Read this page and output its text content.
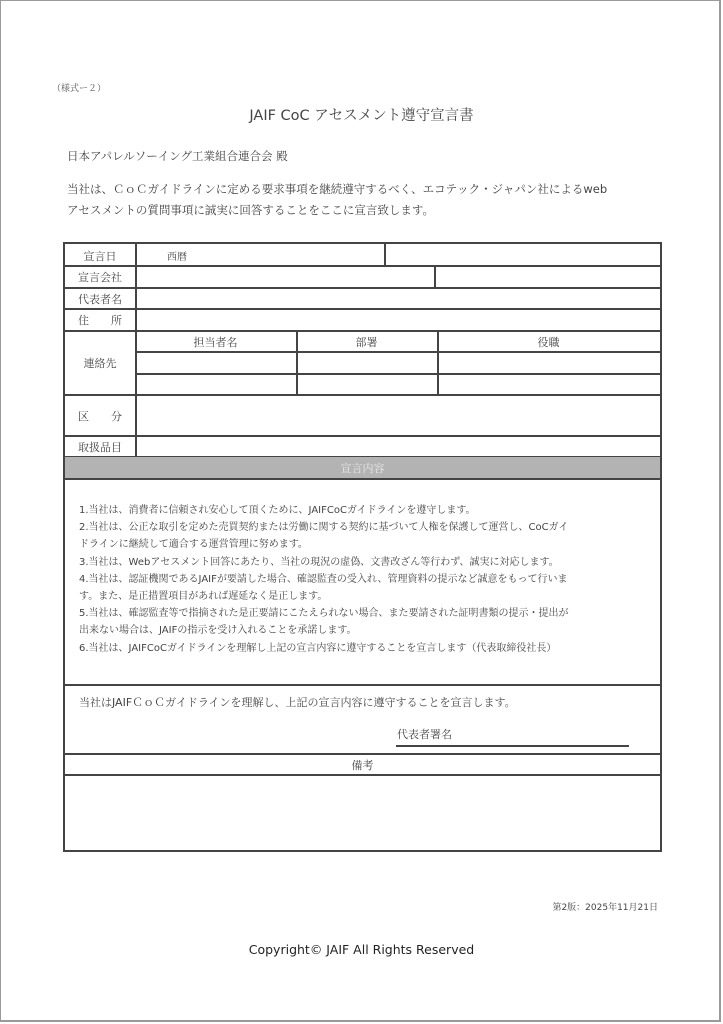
（様式ー２）
JAIF CoC アセスメント遵守宣言書
日本アパレルソーイング工業組合連合会 殿
当社は、ＣｏＣガイドラインに定める要求事項を継続遵守するべく、エコテック・ジャパン社によるweb
アセスメントの質問事項に誠実に回答することをここに宣言致します。
宣言日	西暦
宣言会社
代表者名
住　　所
連絡先
担当者名	部署	役職
区　　分
取扱品目
宣言内容
1.当社は、消費者に信頼され安心して頂くために、JAIFCoCガイドラインを遵守します。
2.当社は、公正な取引を定めた売買契約または労働に関する契約に基づいて人権を保護して運営し、CoCガイ
ドラインに継続して適合する運営管理に努めます。
3.当社は、Webアセスメント回答にあたり、当社の現況の虚偽、文書改ざん等行わず、誠実に対応します。
4.当社は、認証機関であるJAIFが要請した場合、確認監査の受入れ、管理資料の提示など誠意をもって行いま
す。また、是正措置項目があれば遅延なく是正します。
5.当社は、確認監査等で指摘された是正要請にこたえられない場合、また要請された証明書類の提示・提出が
出来ない場合は、JAIFの指示を受け入れることを承諾します。
6.当社は、JAIFCoCガイドラインを理解し上記の宣言内容に遵守することを宣言します（代表取締役社長）
当社はJAIFＣｏＣガイドラインを理解し、上記の宣言内容に遵守することを宣言します。
代表者署名
備考
第2版：2025年11月21日
Copyright© JAIF All Rights Reserved
